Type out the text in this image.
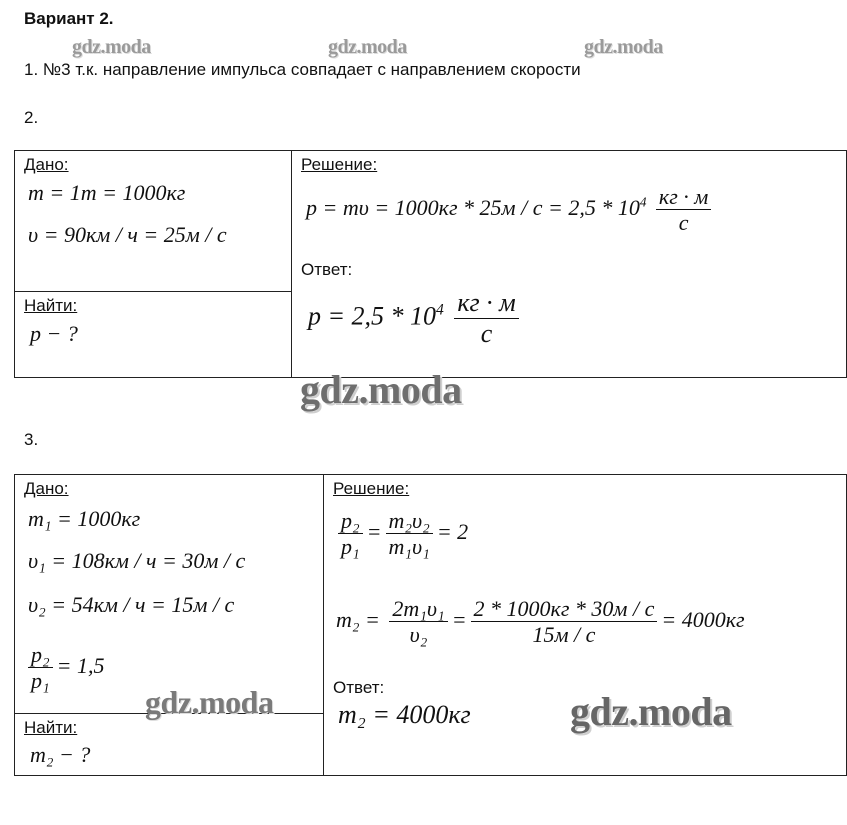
Вариант 2.
gdz.moda	gdz.moda	gdz.moda
1. №3 т.к. направление импульса совпадает с направлением скорости
2.
Дано:
m = 1т = 1000кг
υ = 90км / ч = 25м / с
Найти:
p − ?
Решение:
$p = m\upsilon = 1000кг * 25м / с = 2,5 * 10^4 \frac{кг \cdot м}{с}$
Ответ:
$p = 2,5 * 10^4 \frac{кг \cdot м}{с}$
gdz.moda
3.
Дано:
m₁ = 1000кг
υ₁ = 108км / ч = 30м / с
υ₂ = 54км / ч = 15м / с
$\frac{\text{p₂}}{\text{p₁}} = 1,5$
gdz.moda
Найти:
m₂ − ?
Решение:
$\frac{\text{p₂}}{\text{p₁}} = \frac{\text{m₂υ₂}}{\text{m₁υ₁}} = 2$
$m_2 = \frac{\text{2m₁υ₁}}{\text{υ₂}} = \frac{2 * 1000кг * 30м / с}{15м / с} = 4000кг$
Ответ:
m₂ = 4000кг gdz.moda
